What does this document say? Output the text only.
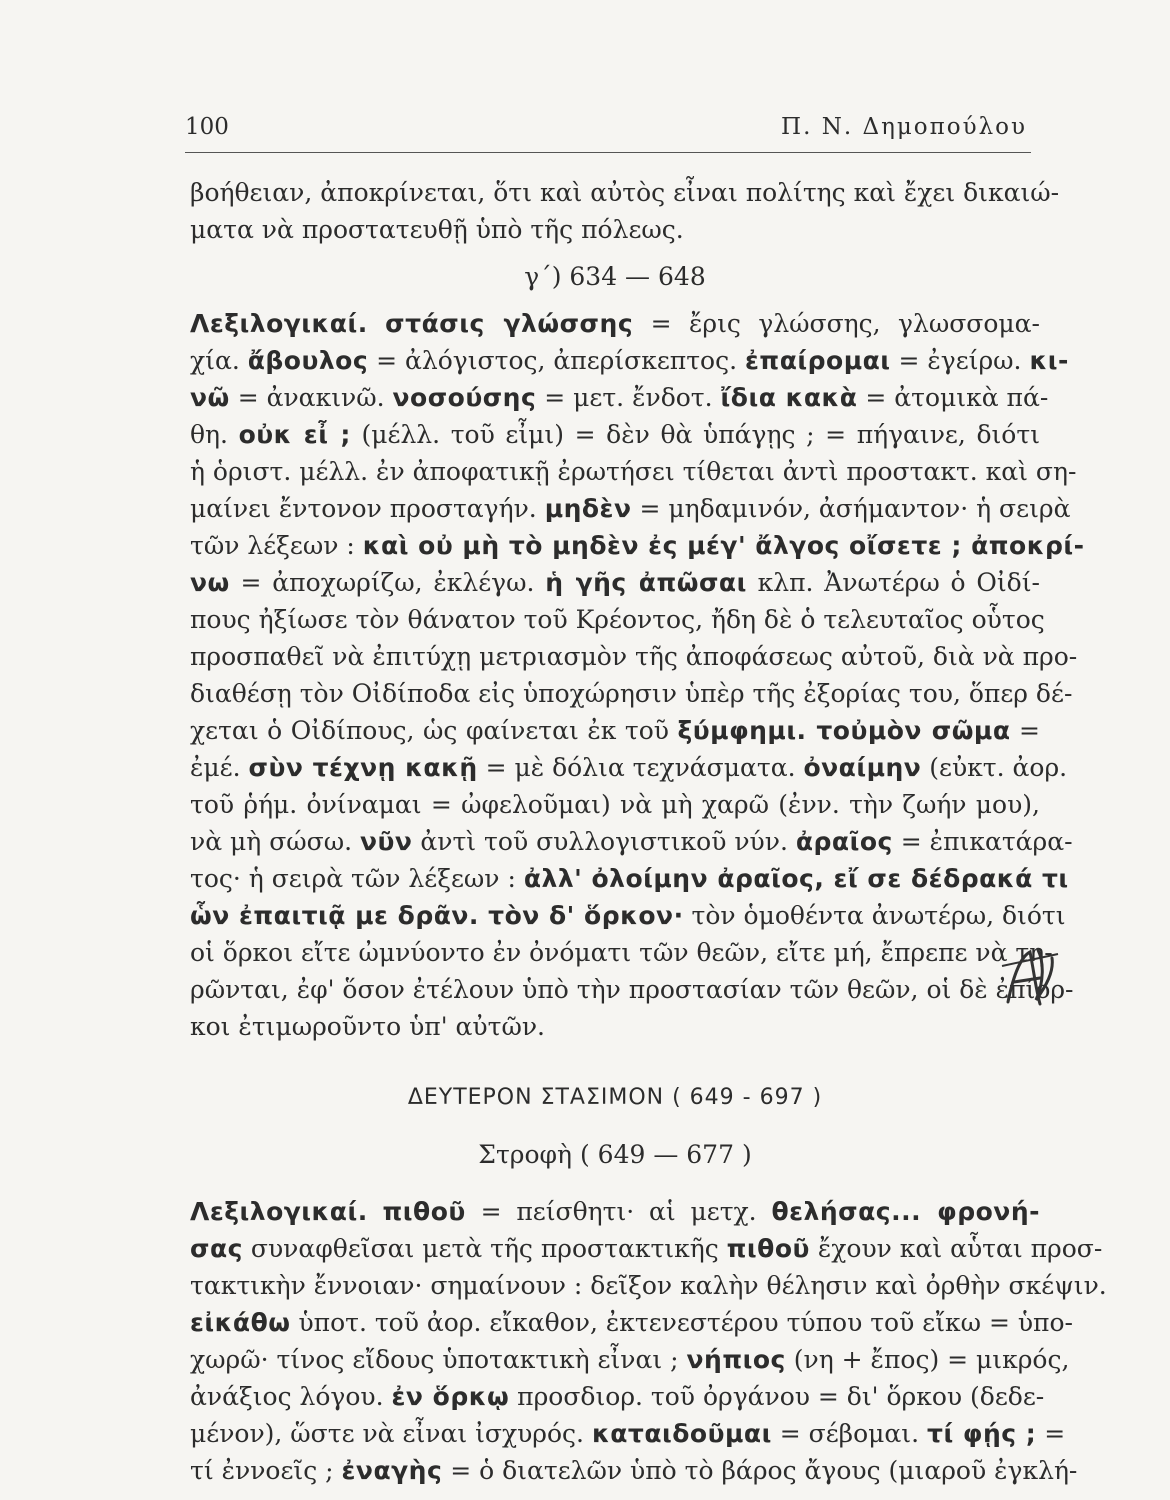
100	Π. Ν. Δημοπούλου
βοήθειαν, ἀποκρίνεται, ὅτι καὶ αὐτὸς εἶναι πολίτης καὶ ἔχει δικαιώ-
ματα νὰ προστατευθῇ ὑπὸ τῆς πόλεως.
γ΄) 634 — 648
Λεξιλογικαί. στάσις γλώσσης = ἔρις γλώσσης, γλωσσομα-
χία. ἄβουλος = ἀλόγιστος, ἀπερίσκεπτος. ἐπαίρομαι = ἐγείρω. κι-
νῶ = ἀνακινῶ. νοσούσης = μετ. ἔνδοτ. ἴδια κακὰ = ἀτομικὰ πά-
θη. οὐκ εἶ ; (μέλλ. τοῦ εἶμι) = δὲν θὰ ὑπάγῃς ; = πήγαινε, διότι
ἡ ὁριστ. μέλλ. ἐν ἀποφατικῇ ἐρωτήσει τίθεται ἀντὶ προστακτ. καὶ ση-
μαίνει ἔντονον προσταγήν. μηδὲν = μηδαμινόν, ἀσήμαντον· ἡ σειρὰ
τῶν λέξεων : καὶ οὐ μὴ τὸ μηδὲν ἐς μέγ' ἄλγος οἴσετε ; ἀποκρί-
νω = ἀποχωρίζω, ἐκλέγω. ἡ γῆς ἀπῶσαι κλπ. Ἀνωτέρω ὁ Οἰδί-
πους ἠξίωσε τὸν θάνατον τοῦ Κρέοντος, ἤδη δὲ ὁ τελευταῖος οὗτος
προσπαθεῖ νὰ ἐπιτύχῃ μετριασμὸν τῆς ἀποφάσεως αὐτοῦ, διὰ νὰ προ-
διαθέσῃ τὸν Οἰδίποδα εἰς ὑποχώρησιν ὑπὲρ τῆς ἐξορίας του, ὅπερ δέ-
χεται ὁ Οἰδίπους, ὡς φαίνεται ἐκ τοῦ ξύμφημι. τοὐμὸν σῶμα =
ἐμέ. σὺν τέχνῃ κακῇ = μὲ δόλια τεχνάσματα. ὀναίμην (εὐκτ. ἀορ.
τοῦ ῥήμ. ὀνίναμαι = ὠφελοῦμαι) νὰ μὴ χαρῶ (ἐνν. τὴν ζωήν μου),
νὰ μὴ σώσω. νῦν ἀντὶ τοῦ συλλογιστικοῦ νύν. ἀραῖος = ἐπικατάρα-
τος· ἡ σειρὰ τῶν λέξεων : ἀλλ' ὀλοίμην ἀραῖος, εἴ σε δέδρακά τι
ὧν ἐπαιτιᾷ με δρᾶν. τὸν δ' ὅρκον· τὸν ὁμοθέντα ἀνωτέρω, διότι
οἱ ὅρκοι εἴτε ὠμνύοντο ἐν ὀνόματι τῶν θεῶν, εἴτε μή, ἔπρεπε νὰ τη-
ρῶνται, ἐφ' ὅσον ἐτέλουν ὑπὸ τὴν προστασίαν τῶν θεῶν, οἱ δὲ ἐπίορ-
κοι ἐτιμωροῦντο ὑπ' αὐτῶν.
ΔΕΥΤΕΡΟΝ ΣΤΑΣΙΜΟΝ ( 649 - 697 )
Στροφὴ ( 649 — 677 )
Λεξιλογικαί. πιθοῦ = πείσθητι· αἱ μετχ. θελήσας... φρονή-
σας συναφθεῖσαι μετὰ τῆς προστακτικῆς πιθοῦ ἔχουν καὶ αὗται προσ-
τακτικὴν ἔννοιαν· σημαίνουν : δεῖξον καλὴν θέλησιν καὶ ὀρθὴν σκέψιν.
εἰκάθω ὑποτ. τοῦ ἀορ. εἴκαθον, ἐκτενεστέρου τύπου τοῦ εἴκω = ὑπο-
χωρῶ· τίνος εἴδους ὑποτακτικὴ εἶναι ; νήπιος (νη + ἔπος) = μικρός,
ἀνάξιος λόγου. ἐν ὅρκῳ προσδιορ. τοῦ ὀργάνου = δι' ὅρκου (δεδε-
μένον), ὥστε νὰ εἶναι ἰσχυρός. καταιδοῦμαι = σέβομαι. τί φῄς ; =
τί ἐννοεῖς ; ἐναγὴς = ὁ διατελῶν ὑπὸ τὸ βάρος ἄγους (μιαροῦ ἐγκλή-
